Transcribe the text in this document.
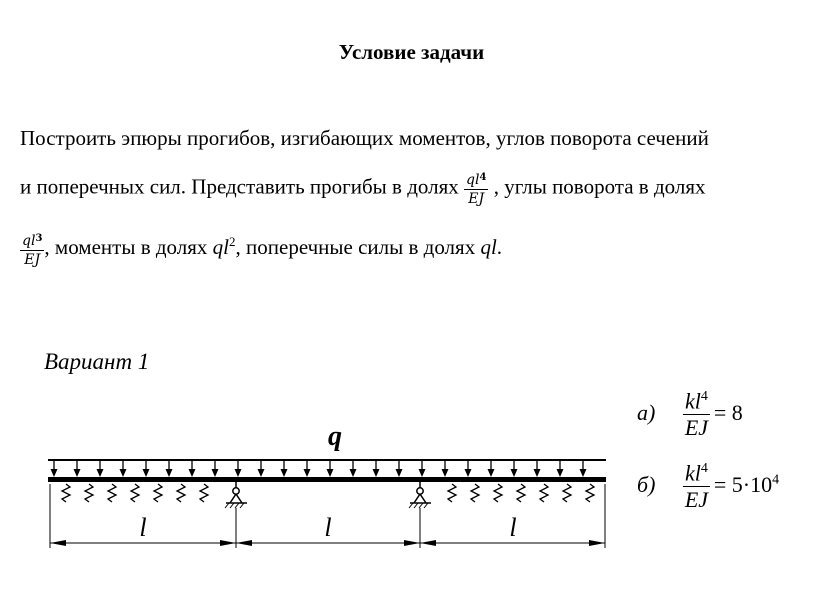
Условие задачи
Построить эпюры прогибов, изгибающих моментов, углов поворота сечений
и поперечных сил. Представить прогибы в долях $\frac{ql^4}{EJ}$ , углы поворота в долях
$\frac{ql^3}{EJ}$ , моменты в долях $ql^2$, поперечные силы в долях ql.
Вариант 1
q
l	l	l
а)	$\frac{kl^4}{EJ} = 8$
б)	$\frac{kl^4}{EJ} = 5\cdot 10^4$
